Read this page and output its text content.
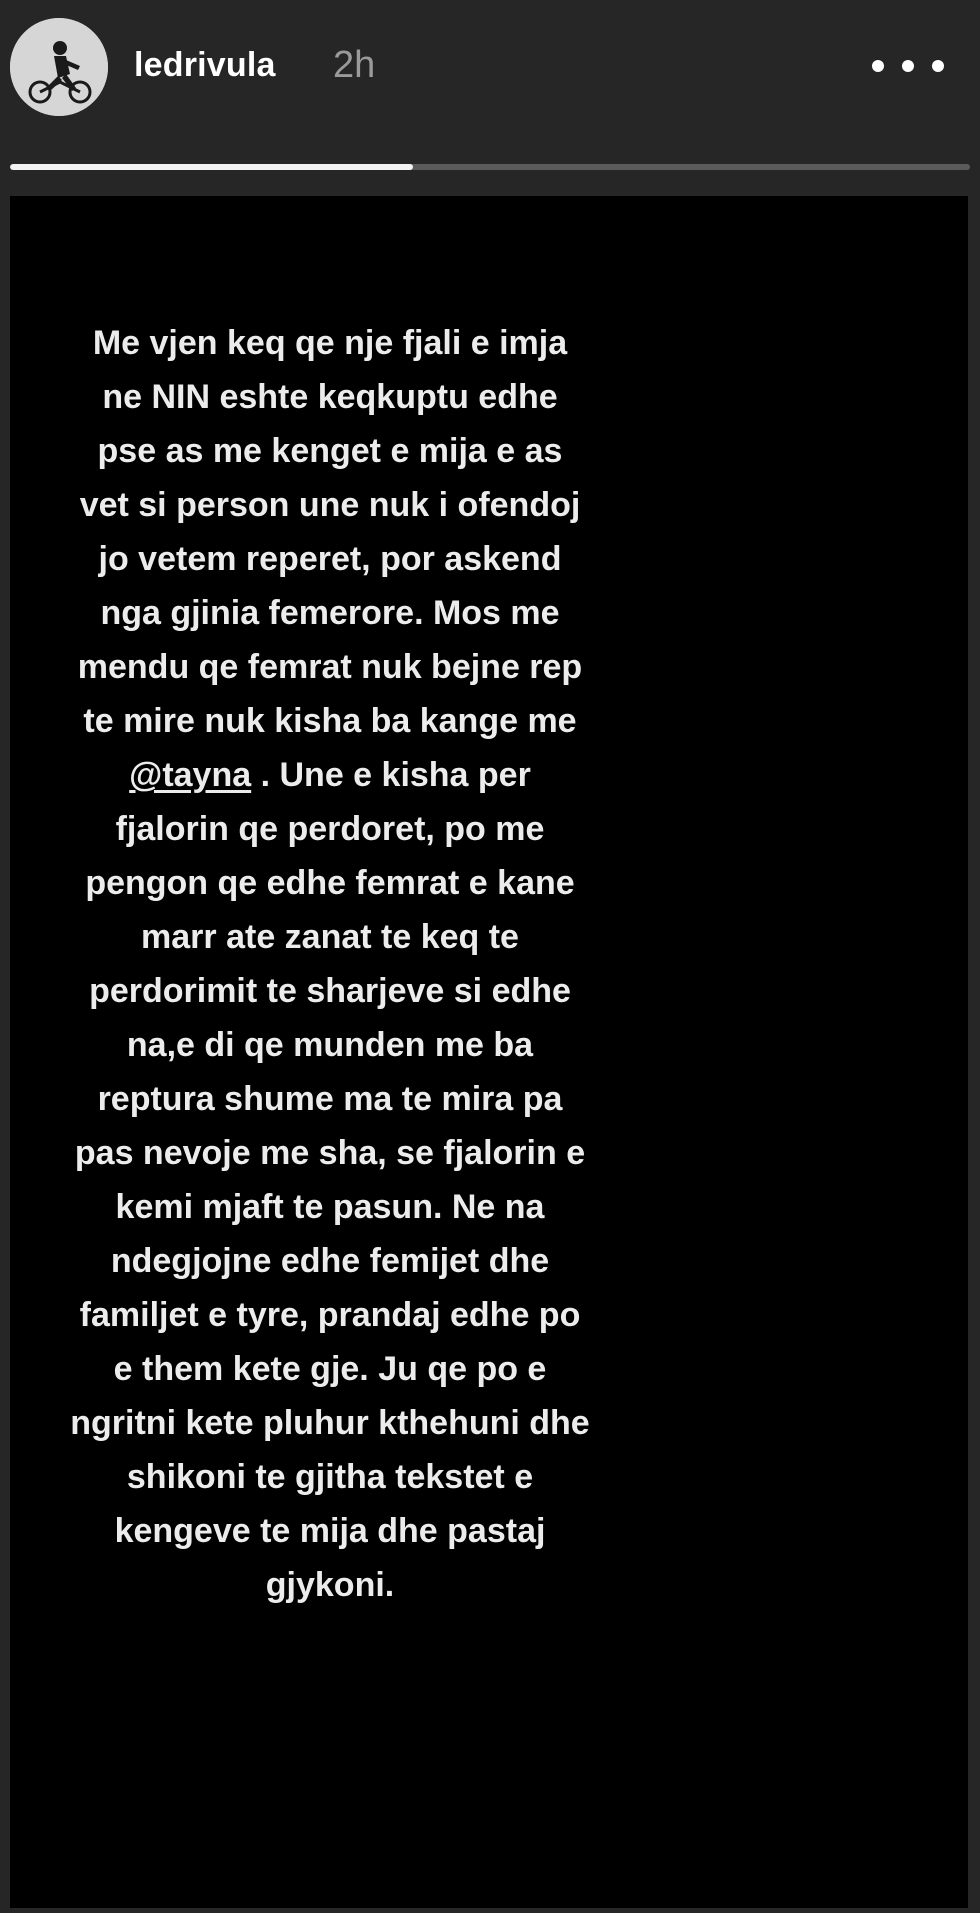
ledrivula 2h

Me vjen keq qe nje fjali e imja ne NIN eshte keqkuptu edhe pse as me kenget e mija e as vet si person une nuk i ofendoj jo vetem reperet, por askend nga gjinia femerore. Mos me mendu qe femrat nuk bejne rep te mire nuk kisha ba kange me @tayna . Une e kisha per fjalorin qe perdoret, po me pengon qe edhe femrat e kane marr ate zanat te keq te perdorimit te sharjeve si edhe na,e di qe munden me ba reptura shume ma te mira pa pas nevoje me sha, se fjalorin e kemi mjaft te pasun. Ne na ndegjojne edhe femijet dhe familjet e tyre, prandaj edhe po e them kete gje. Ju qe po e ngritni kete pluhur kthehuni dhe shikoni te gjitha tekstet e kengeve te mija dhe pastaj gjykoni.
